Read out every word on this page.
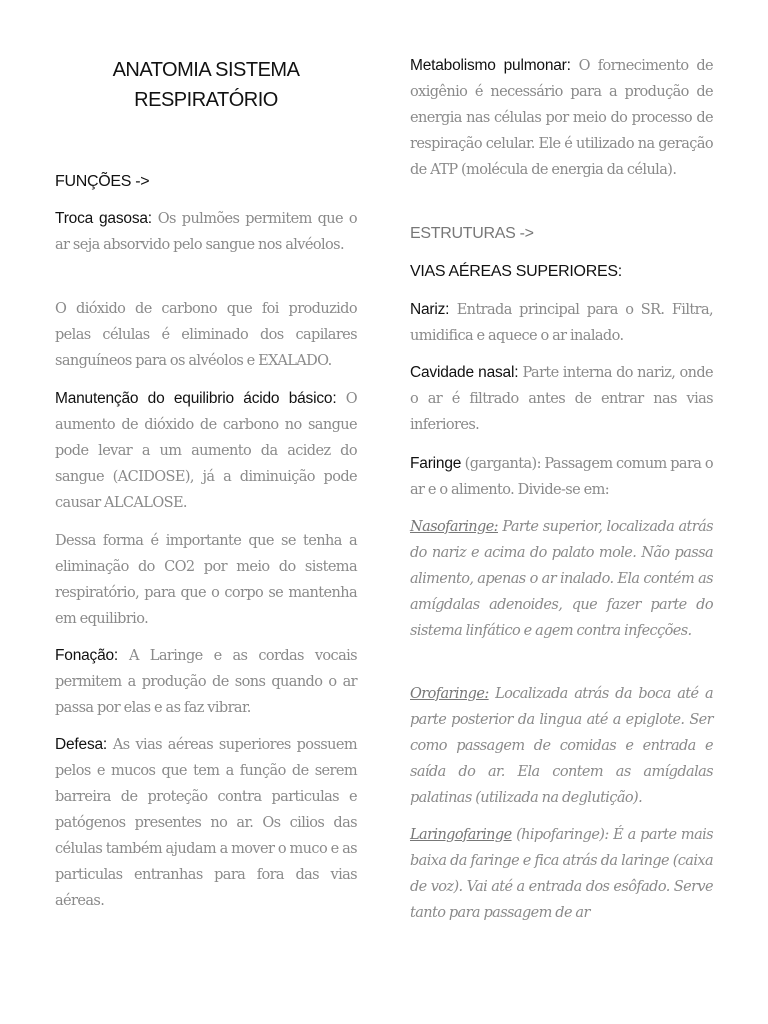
ANATOMIA SISTEMA
RESPIRATÓRIO
FUNÇÕES ->

Troca gasosa: Os pulmões permitem que o ar seja absorvido pelo sangue nos alvéolos.

O dióxido de carbono que foi produzido pelas células é eliminado dos capilares sanguíneos para os alvéolos e EXALADO.

Manutenção do equilibrio ácido básico: O aumento de dióxido de carbono no sangue pode levar a um aumento da acidez do sangue (ACIDOSE), já a diminuição pode causar ALCALOSE.

Dessa forma é importante que se tenha a eliminação do CO2 por meio do sistema respiratório, para que o corpo se mantenha em equilibrio.

Fonação: A Laringe e as cordas vocais permitem a produção de sons quando o ar passa por elas e as faz vibrar.

Defesa: As vias aéreas superiores possuem pelos e mucos que tem a função de serem barreira de proteção contra particulas e patógenos presentes no ar. Os cilios das células também ajudam a mover o muco e as particulas entranhas para fora das vias aéreas.

Metabolismo pulmonar: O fornecimento de oxigênio é necessário para a produção de energia nas células por meio do processo de respiração celular. Ele é utilizado na geração de ATP (molécula de energia da célula).

ESTRUTURAS ->
VIAS AÉREAS SUPERIORES:

Nariz: Entrada principal para o SR. Filtra, umidifica e aquece o ar inalado.

Cavidade nasal: Parte interna do nariz, onde o ar é filtrado antes de entrar nas vias inferiores.

Faringe (garganta): Passagem comum para o ar e o alimento. Divide-se em:

Nasofaringe: Parte superior, localizada atrás do nariz e acima do palato mole. Não passa alimento, apenas o ar inalado. Ela contém as amígdalas adenoides, que fazer parte do sistema linfático e agem contra infecções.

Orofaringe: Localizada atrás da boca até a parte posterior da lingua até a epiglote. Ser como passagem de comidas e entrada e saída do ar. Ela contem as amígdalas palatinas (utilizada na deglutição).

Laringofaringe (hipofaringe): É a parte mais baixa da faringe e fica atrás da laringe (caixa de voz). Vai até a entrada dos esôfado. Serve tanto para passagem de ar
